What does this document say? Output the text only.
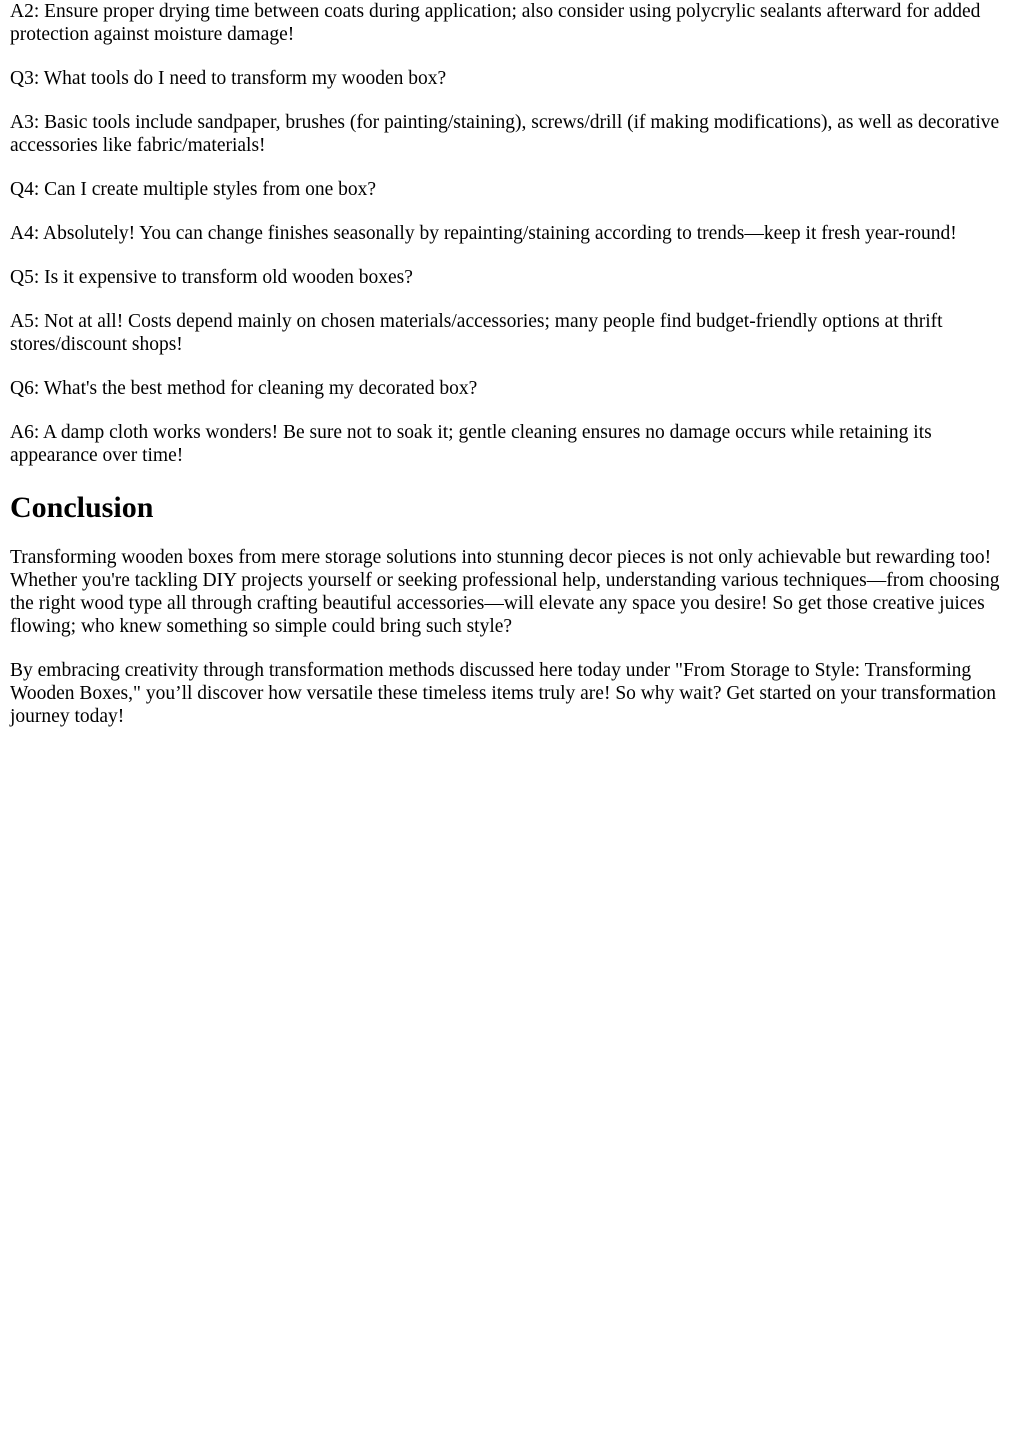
A2: Ensure proper drying time between coats during application; also consider using polycrylic sealants afterward for added protection against moisture damage!

Q3: What tools do I need to transform my wooden box?

A3: Basic tools include sandpaper, brushes (for painting/staining), screws/drill (if making modifications), as well as decorative accessories like fabric/materials!

Q4: Can I create multiple styles from one box?

A4: Absolutely! You can change finishes seasonally by repainting/staining according to trends—keep it fresh year-round!

Q5: Is it expensive to transform old wooden boxes?

A5: Not at all! Costs depend mainly on chosen materials/accessories; many people find budget-friendly options at thrift stores/discount shops!

Q6: What's the best method for cleaning my decorated box?

A6: A damp cloth works wonders! Be sure not to soak it; gentle cleaning ensures no damage occurs while retaining its appearance over time!

Conclusion

Transforming wooden boxes from mere storage solutions into stunning decor pieces is not only achievable but rewarding too! Whether you're tackling DIY projects yourself or seeking professional help, understanding various techniques—from choosing the right wood type all through crafting beautiful accessories—will elevate any space you desire! So get those creative juices flowing; who knew something so simple could bring such style?

By embracing creativity through transformation methods discussed here today under "From Storage to Style: Transforming Wooden Boxes," you’ll discover how versatile these timeless items truly are! So why wait? Get started on your transformation journey today!
